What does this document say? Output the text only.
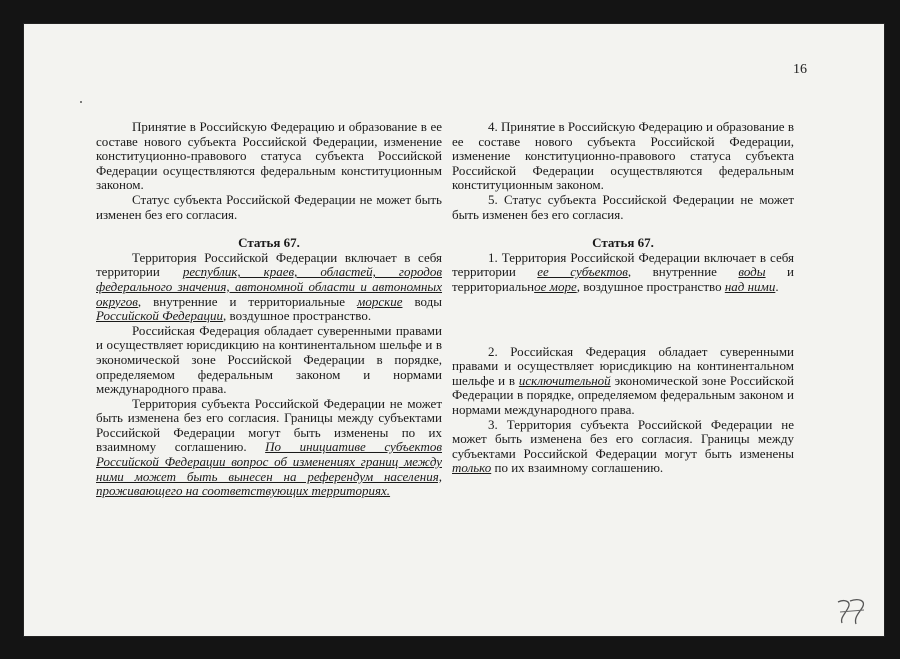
16

Принятие в Российскую Федерацию и образование в ее составе нового субъекта Российской Федерации, изменение конституционно-правового статуса субъекта Российской Федерации осуществляются федеральным конституционным законом.

Статус субъекта Российской Федерации не может быть изменен без его согласия.

Статья 67.

Территория Российской Федерации включает в себя территории республик, краев, областей, городов федерального значения, автономной области и автономных округов, внутренние и территориальные морские воды Российской Федерации, воздушное пространство.

Российская Федерация обладает суверенными правами и осуществляет юрисдикцию на континентальном шельфе и в экономической зоне Российской Федерации в порядке, определяемом федеральным законом и нормами международного права.

Территория субъекта Российской Федерации не может быть изменена без его согласия. Границы между субъектами Российской Федерации могут быть изменены по их взаимному соглашению. По инициативе субъектов Российской Федерации вопрос об изменениях границ между ними может быть вынесен на референдум населения, проживающего на соответствующих территориях.

4. Принятие в Российскую Федерацию и образование в ее составе нового субъекта Российской Федерации, изменение конституционно-правового статуса субъекта Российской Федерации осуществляются федеральным конституционным законом.

5. Статус субъекта Российской Федерации не может быть изменен без его согласия.

Статья 67.

1. Территория Российской Федерации включает в себя территории ее субъектов, внутренние воды и территориальное море, воздушное пространство над ними.

2. Российская Федерация обладает суверенными правами и осуществляет юрисдикцию на континентальном шельфе и в исключительной экономической зоне Российской Федерации в порядке, определяемом федеральным законом и нормами международного права.

3. Территория субъекта Российской Федерации не может быть изменена без его согласия. Границы между субъектами Российской Федерации могут быть изменены только по их взаимному соглашению.
